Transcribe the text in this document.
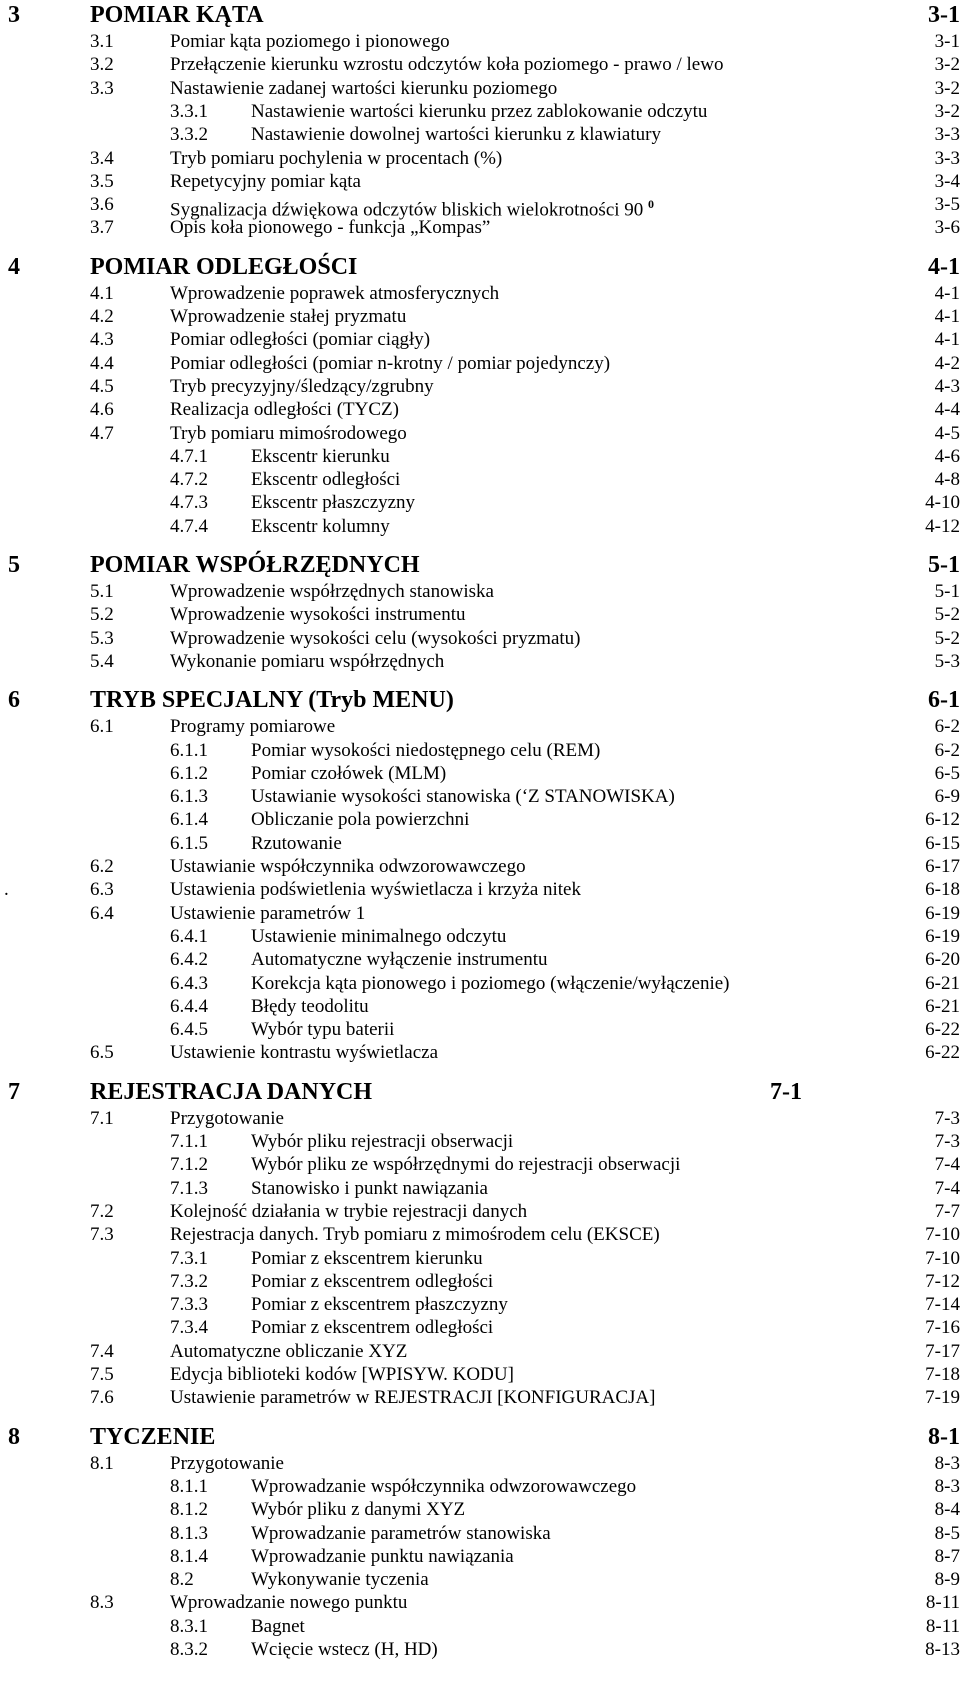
3	POMIAR KĄTA	3-1
3.1	Pomiar kąta poziomego i pionowego	3-1
3.2	Przełączenie kierunku wzrostu odczytów koła poziomego - prawo / lewo	3-2
3.3	Nastawienie zadanej wartości kierunku poziomego	3-2
3.3.1 Nastawienie wartości kierunku przez zablokowanie odczytu	3-2
3.3.2 Nastawienie dowolnej wartości kierunku z klawiatury	3-3
3.4	Tryb pomiaru pochylenia w procentach (%)	3-3
3.5	Repetycyjny pomiar kąta	3-4
3.6	Sygnalizacja dźwiękowa odczytów bliskich wielokrotności 90 $^0$	3-5
3.7	Opis koła pionowego - funkcja „Kompas”	3-6
4	POMIAR ODLEGŁOŚCI	4-1
4.1	Wprowadzenie poprawek atmosferycznych	4-1
4.2	Wprowadzenie stałej pryzmatu	4-1
4.3	Pomiar odległości (pomiar ciągły)	4-1
4.4	Pomiar odległości (pomiar n-krotny / pomiar pojedynczy)	4-2
4.5	Tryb precyzyjny/śledzący/zgrubny	4-3
4.6	Realizacja odległości (TYCZ)	4-4
4.7	Tryb pomiaru mimośrodowego	4-5
4.7.1 Ekscentr kierunku	4-6
4.7.2 Ekscentr odległości	4-8
4.7.3 Ekscentr płaszczyzny	4-10
4.7.4 Ekscentr kolumny	4-12
5	POMIAR WSPÓŁRZĘDNYCH	5-1
5.1	Wprowadzenie współrzędnych stanowiska	5-1
5.2	Wprowadzenie wysokości instrumentu	5-2
5.3	Wprowadzenie wysokości celu (wysokości pryzmatu)	5-2
5.4	Wykonanie pomiaru współrzędnych	5-3
6	TRYB SPECJALNY (Tryb MENU)	6-1
6.1	Programy pomiarowe	6-2
6.1.1 Pomiar wysokości niedostępnego celu (REM)	6-2
6.1.2 Pomiar czołówek (MLM)	6-5
6.1.3 Ustawianie wysokości stanowiska (‘Z STANOWISKA)	6-9
6.1.4 Obliczanie pola powierzchni	6-12
6.1.5 Rzutowanie	6-15
6.2	Ustawianie współczynnika odwzorowawczego	6-17
6.3	Ustawienia podświetlenia wyświetlacza i krzyża nitek	6-18
.
6.4	Ustawienie parametrów 1	6-19
6.4.1 Ustawienie minimalnego odczytu	6-19
6.4.2 Automatyczne wyłączenie instrumentu	6-20
6.4.3 Korekcja kąta pionowego i poziomego (włączenie/wyłączenie)	6-21
6.4.4 Błędy teodolitu	6-21
6.4.5 Wybór typu baterii	6-22
6.5	Ustawienie kontrastu wyświetlacza	6-22
7	REJESTRACJA DANYCH	7-1
7.1	Przygotowanie	7-3
7.1.1 Wybór pliku rejestracji obserwacji	7-3
7.1.2 Wybór pliku ze współrzędnymi do rejestracji obserwacji	7-4
7.1.3 Stanowisko i punkt nawiązania	7-4
7.2	Kolejność działania w trybie rejestracji danych	7-7
7.3	Rejestracja danych. Tryb pomiaru z mimośrodem celu (EKSCE)	7-10
7.3.1 Pomiar z ekscentrem kierunku	7-10
7.3.2 Pomiar z ekscentrem odległości	7-12
7.3.3 Pomiar z ekscentrem płaszczyzny	7-14
7.3.4 Pomiar z ekscentrem odległości	7-16
7.4	Automatyczne obliczanie XYZ	7-17
7.5	Edycja biblioteki kodów [WPISYW. KODU]	7-18
7.6	Ustawienie parametrów w REJESTRACJI [KONFIGURACJA]	7-19
8	TYCZENIE	8-1
8.1	Przygotowanie	8-3
8.1.1 Wprowadzanie współczynnika odwzorowawczego	8-3
8.1.2 Wybór pliku z danymi XYZ	8-4
8.1.3 Wprowadzanie parametrów stanowiska	8-5
8.1.4 Wprowadzanie punktu nawiązania	8-7
8.2	Wykonywanie tyczenia	8-9
8.3	Wprowadzanie nowego punktu	8-11
8.3.1 Bagnet	8-11
8.3.2 Wcięcie wstecz (H, HD)	8-13
